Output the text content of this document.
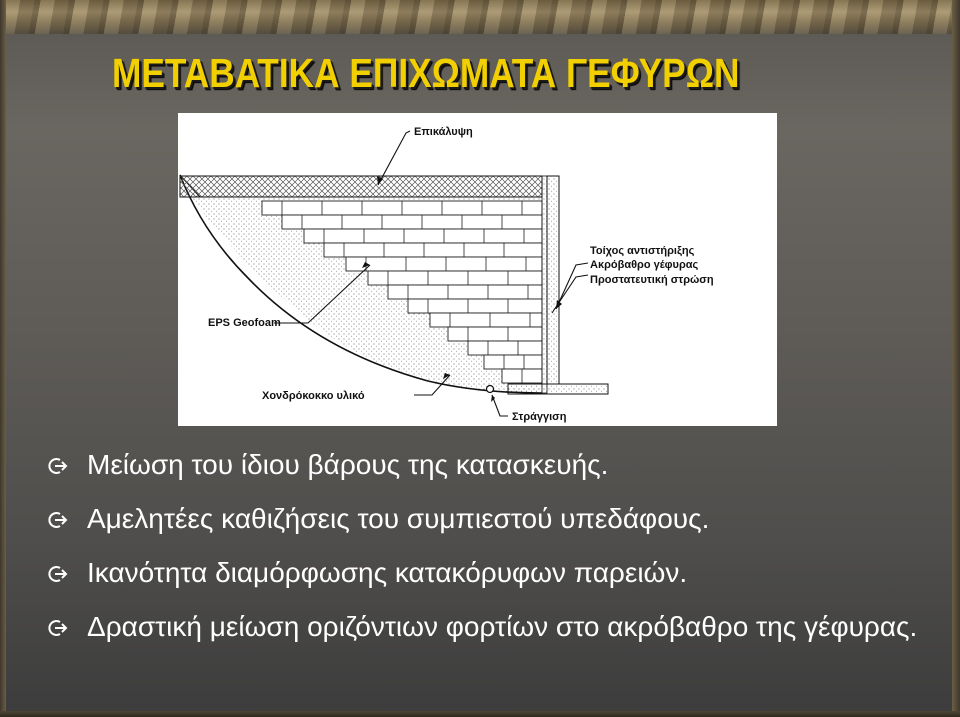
ΜΕΤΑΒΑΤΙΚΑ ΕΠΙΧΩΜΑΤΑ ΓΕΦΥΡΩΝ
Επικάλυψη
Τοίχος αντιστήριξης
Ακρόβαθρο γέφυρας
Προστατευτική στρώση
EPS Geofoam
Χονδρόκοκκο υλικό
Στράγγιση
Μείωση του ίδιου βάρους της κατασκευής.
Αμελητέες καθιζήσεις του συμπιεστού υπεδάφους.
Ικανότητα διαμόρφωσης κατακόρυφων παρειών.
Δραστική μείωση οριζόντιων φορτίων στο ακρόβαθρο της γέφυρας.
